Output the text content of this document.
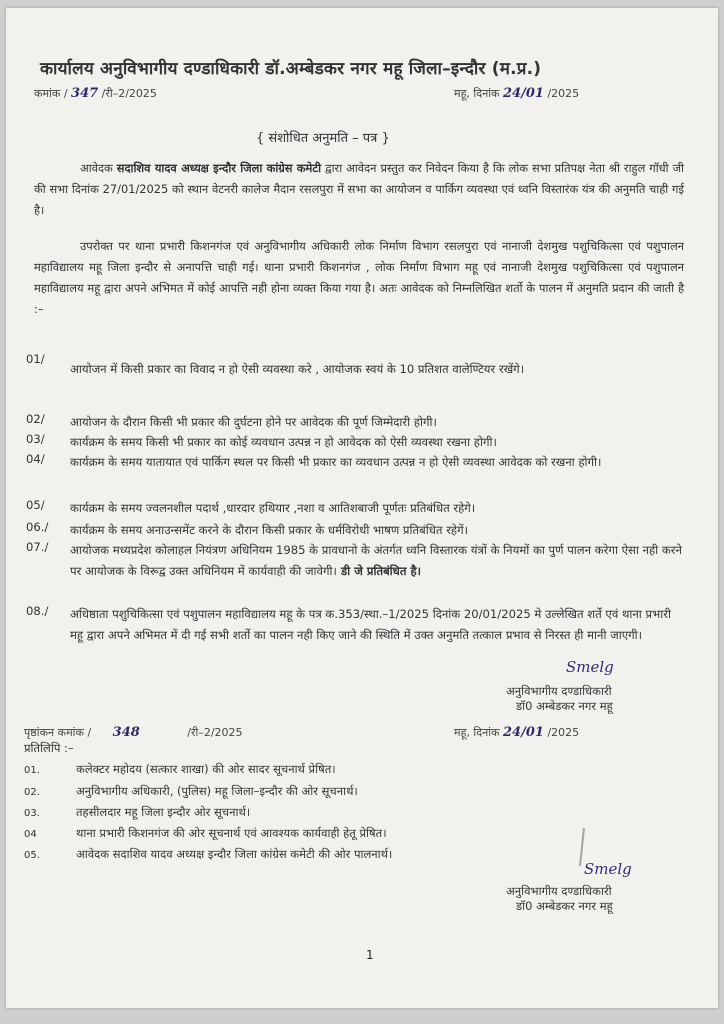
कार्यालय अनुविभागीय दण्डाधिकारी डॉ.अम्बेडकर नगर महू जिला–इन्दौर (म.प्र.)
कमांक / 347 /री–2/2025	महू, दिनांक 24/01 /2025
{ संशोधित अनुमति – पत्र }
आवेदक सदाशिव यादव अध्यक्ष इन्दौर जिला कांग्रेस कमेटी द्वारा आवेदन प्रस्तुत कर निवेदन किया है कि लोक सभा प्रतिपक्ष नेता श्री राहुल गॉधी जी की सभा दिनांक 27/01/2025 को स्थान वेटनरी कालेज मैदान रसलपुरा में सभा का आयोजन व पार्किग व्यवस्था एवं ध्वनि विस्तारंक यंत्र की अनुमति चाही गई है।
उपरोक्त पर थाना प्रभारी किशनगंज एवं अनुविभागीय अधिकारी लोक निर्माण विभाग रसलपुरा एवं नानाजी देशमुख पशुचिकित्सा एवं पशुपालन महाविद्यालय महू जिला इन्दौर से अनापत्ति चाही गई। थाना प्रभारी किशनगंज , लोक निर्माण विभाग महू एवं नानाजी देशमुख पशुचिकित्सा एवं पशुपालन महाविद्यालय महू द्वारा अपने अभिमत में कोई आपत्ति नही होना व्यक्त किया गया है। अतः आवेदक को निम्नलिखित शर्तो के पालन में अनुमति प्रदान की जाती है :–
01/
आयोजन में किसी प्रकार का विवाद न हो ऐसी व्यवस्था करे , आयोजक स्वयं के 10 प्रतिशत वालेण्टियर रखेंगे।
02/	आयोजन के दौरान किसी भी प्रकार की दुर्घटना होने पर आवेदक की पूर्ण जिम्मेदारी होगी।
03/	कार्यक्रम के समय किसी भी प्रकार का कोई व्यवधान उत्पन्न न हो आवेदक को ऐसी व्यवस्था रखना होगी।
04/	कार्यक्रम के समय यातायात एवं पार्किग स्थल पर किसी भी प्रकार का व्यवधान उत्पन्न न हो ऐसी व्यवस्था आवेदक को रखना होगी।
05/	कार्यक्रम के समय ज्वलनशील पदार्थ ,धारदार हथियार ,नशा व आतिशबाजी पूर्णतः प्रतिबंधित रहेगे।
06./	कार्यक्रम के समय अनाउन्समेंट करने के दौरान किसी प्रकार के धर्मविरोधी भाषण प्रतिबंधित रहेगें।
07./	आयोजक मध्यप्रदेश कोलाहल नियंत्रण अधिनियम 1985 के प्रावधानो के अंतर्गत ध्वनि विस्तारक यंत्रों के नियमों का पुर्ण पालन करेगा ऐसा नही करने पर आयोजक के विरूद्व उक्त अधिनियम में कार्यवाही की जावेगी। डी जे प्रतिबंधित है।
08./	अधिष्ठाता पशुचिकित्सा एवं पशुपालन महाविद्यालय महू के पत्र क.353/स्था.–1/2025 दिनांक 20/01/2025 मे उल्लेखित शर्ते एवं थाना प्रभारी महू द्वारा अपने अभिमत में दी गई सभी शर्तो का पालन नही किए जाने की स्थिति में उक्त अनुमति तत्काल प्रभाव से निरस्त ही मानी जाएगी।
Smelg
अनुविभागीय दण्डाधिकारी
डॉ0 अम्बेडकर नगर महू
पृष्ठांकन कमांक / 348	/री–2/2025	महू, दिनांक 24/01 /2025
प्रतिलिपि :–
01.	कलेक्टर महोदय (सत्कार शाखा) की ओर सादर सूचनार्थ प्रेषित।
02.	अनुविभागीय अधिकारी, (पुलिस) महू जिला–इन्दौर की ओर सूचनार्थ।
03.	तहसीलदार महू जिला इन्दौर ओर सूचनार्थ।
04	थाना प्रभारी किशनगंज की ओर सूचनार्थ एवं आवश्यक कार्यवाही हेतू प्रेषित।
05.	आवेदक सदाशिव यादव अध्यक्ष इन्दौर जिला कांग्रेस कमेटी की ओर पालनार्थ।
Smelg
अनुविभागीय दण्डाधिकारी
डॉ0 अम्बेडकर नगर महू
1
